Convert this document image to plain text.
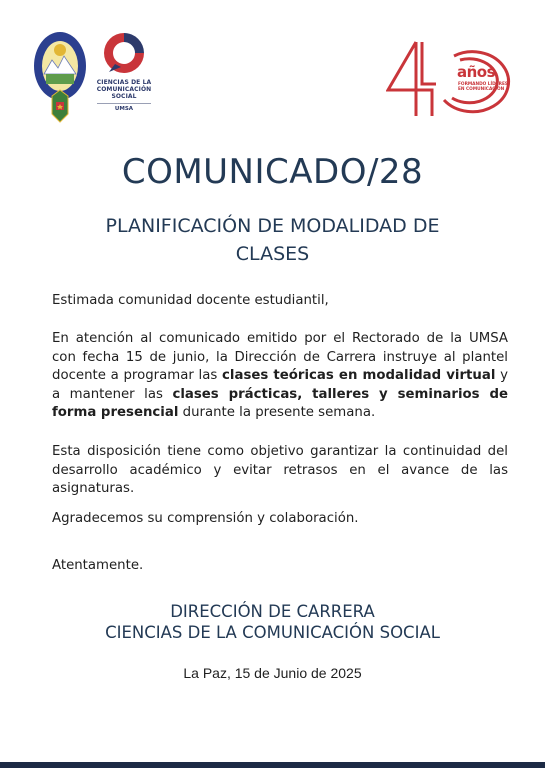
CIENCIAS DE LA
COMUNICACIÓN
SOCIAL
UMSA
años
FORMANDO LÍDERES
EN COMUNICACIÓN
COMUNICADO/28
PLANIFICACIÓN DE MODALIDAD DE
CLASES
Estimada comunidad docente estudiantil,
En atención al comunicado emitido por el Rectorado de la UMSA con fecha 15 de junio, la Dirección de Carrera instruye al plantel docente a programar las clases teóricas en modalidad virtual y a mantener las clases prácticas, talleres y seminarios de forma presencial durante la presente semana.
Esta disposición tiene como objetivo garantizar la continuidad del desarrollo académico y evitar retrasos en el avance de las asignaturas.
Agradecemos su comprensión y colaboración.
Atentamente.
DIRECCIÓN DE CARRERA
CIENCIAS DE LA COMUNICACIÓN SOCIAL
La Paz, 15 de Junio de 2025
